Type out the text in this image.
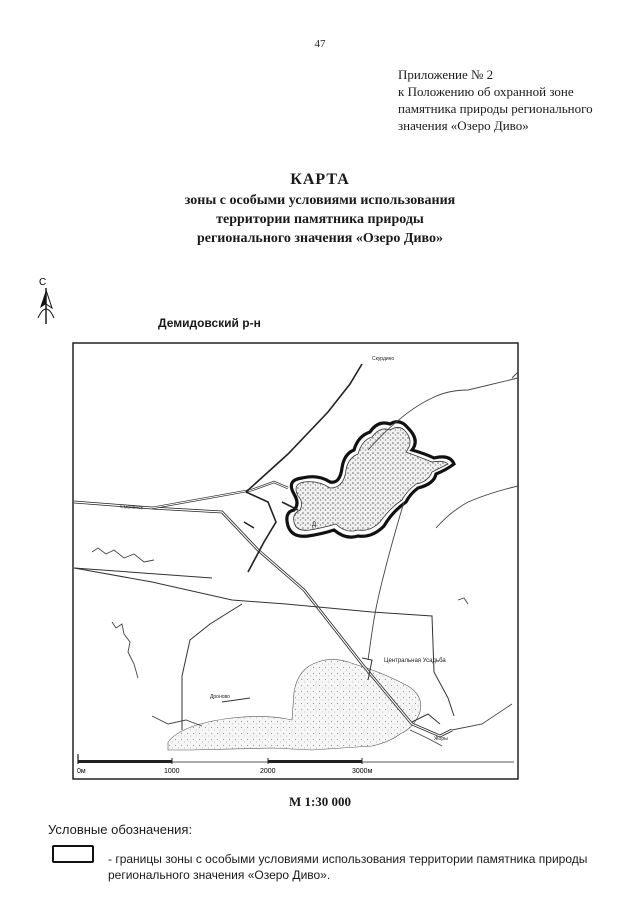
47
Приложение № 2
к Положению об охранной зоне
памятника природы регионального
значения «Озеро Диво»
КАРТА
зоны с особыми условиями использования
территории памятника природы
регионального значения «Озеро Диво»
С
Демидовский р-н
Смоленск
Скурдино
Центральная Усадьба
Дроново
Жоры
Д.
0м	1000	2000	3000м
М 1:30 000
Условные обозначения:
- границы зоны с особыми условиями использования территории памятника природы регионального значения «Озеро Диво».
